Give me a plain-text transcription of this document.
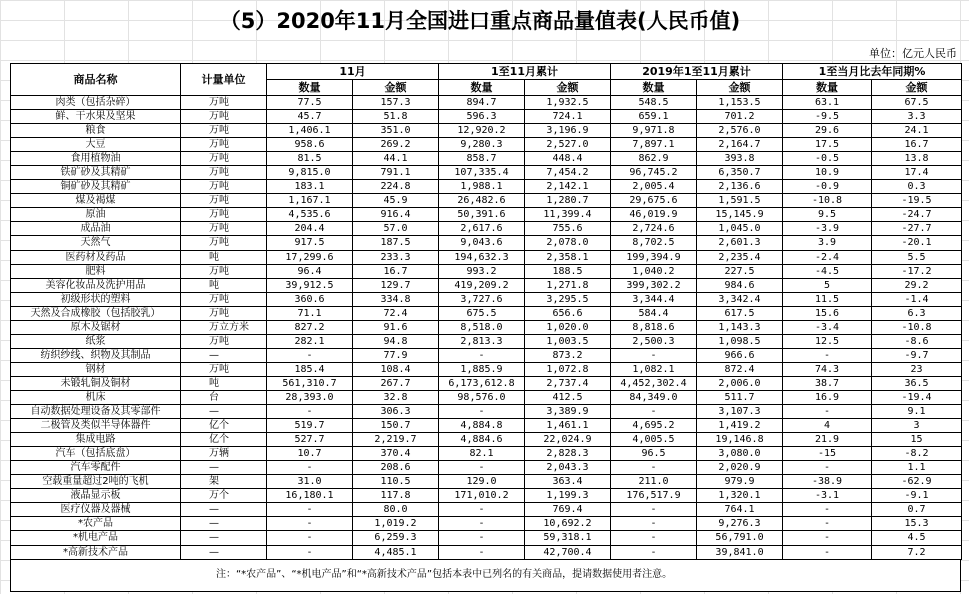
（5）2020年11月全国进口重点商品量值表(人民币值)
单位：亿元人民币
商品名称	计量单位	11月		1至11月累计		2019年1至11月累计		1至当月比去年同期%	
		数量	金额	数量	金额	数量	金额	数量	金额
肉类（包括杂碎）	万吨	77.5	157.3	894.7	1,932.5	548.5	1,153.5	63.1	67.5
鲜、干水果及坚果	万吨	45.7	51.8	596.3	724.1	659.1	701.2	-9.5	3.3
粮食	万吨	1,406.1	351.0	12,920.2	3,196.9	9,971.8	2,576.0	29.6	24.1
大豆	万吨	958.6	269.2	9,280.3	2,527.0	7,897.1	2,164.7	17.5	16.7
食用植物油	万吨	81.5	44.1	858.7	448.4	862.9	393.8	-0.5	13.8
铁矿砂及其精矿	万吨	9,815.0	791.1	107,335.4	7,454.2	96,745.2	6,350.7	10.9	17.4
铜矿砂及其精矿	万吨	183.1	224.8	1,988.1	2,142.1	2,005.4	2,136.6	-0.9	0.3
煤及褐煤	万吨	1,167.1	45.9	26,482.6	1,280.7	29,675.6	1,591.5	-10.8	-19.5
原油	万吨	4,535.6	916.4	50,391.6	11,399.4	46,019.9	15,145.9	9.5	-24.7
成品油	万吨	204.4	57.0	2,617.6	755.6	2,724.6	1,045.0	-3.9	-27.7
天然气	万吨	917.5	187.5	9,043.6	2,078.0	8,702.5	2,601.3	3.9	-20.1
医药材及药品	吨	17,299.6	233.3	194,632.3	2,358.1	199,394.9	2,235.4	-2.4	5.5
肥料	万吨	96.4	16.7	993.2	188.5	1,040.2	227.5	-4.5	-17.2
美容化妆品及洗护用品	吨	39,912.5	129.7	419,209.2	1,271.8	399,302.2	984.6	5	29.2
初级形状的塑料	万吨	360.6	334.8	3,727.6	3,295.5	3,344.4	3,342.4	11.5	-1.4
天然及合成橡胶（包括胶乳）	万吨	71.1	72.4	675.5	656.6	584.4	617.5	15.6	6.3
原木及锯材	万立方米	827.2	91.6	8,518.0	1,020.0	8,818.6	1,143.3	-3.4	-10.8
纸浆	万吨	282.1	94.8	2,813.3	1,003.5	2,500.3	1,098.5	12.5	-8.6
纺织纱线、织物及其制品	—	-	77.9	-	873.2	-	966.6	-	-9.7
钢材	万吨	185.4	108.4	1,885.9	1,072.8	1,082.1	872.4	74.3	23
未锻轧铜及铜材	吨	561,310.7	267.7	6,173,612.8	2,737.4	4,452,302.4	2,006.0	38.7	36.5
机床	台	28,393.0	32.8	98,576.0	412.5	84,349.0	511.7	16.9	-19.4
自动数据处理设备及其零部件	—	-	306.3	-	3,389.9	-	3,107.3	-	9.1
二极管及类似半导体器件	亿个	519.7	150.7	4,884.8	1,461.1	4,695.2	1,419.2	4	3
集成电路	亿个	527.7	2,219.7	4,884.6	22,024.9	4,005.5	19,146.8	21.9	15
汽车（包括底盘）	万辆	10.7	370.4	82.1	2,828.3	96.5	3,080.0	-15	-8.2
汽车零配件	—	-	208.6	-	2,043.3	-	2,020.9	-	1.1
空载重量超过2吨的飞机	架	31.0	110.5	129.0	363.4	211.0	979.9	-38.9	-62.9
液晶显示板	万个	16,180.1	117.8	171,010.2	1,199.3	176,517.9	1,320.1	-3.1	-9.1
医疗仪器及器械	—	-	80.0	-	769.4	-	764.1	-	0.7
*农产品	—	-	1,019.2	-	10,692.2	-	9,276.3	-	15.3
*机电产品	—	-	6,259.3	-	59,318.1	-	56,791.0	-	4.5
*高新技术产品	—	-	4,485.1	-	42,700.4	-	39,841.0	-	7.2
注：“*农产品”、“*机电产品”和“*高新技术产品”包括本表中已列名的有关商品，提请数据使用者注意。
